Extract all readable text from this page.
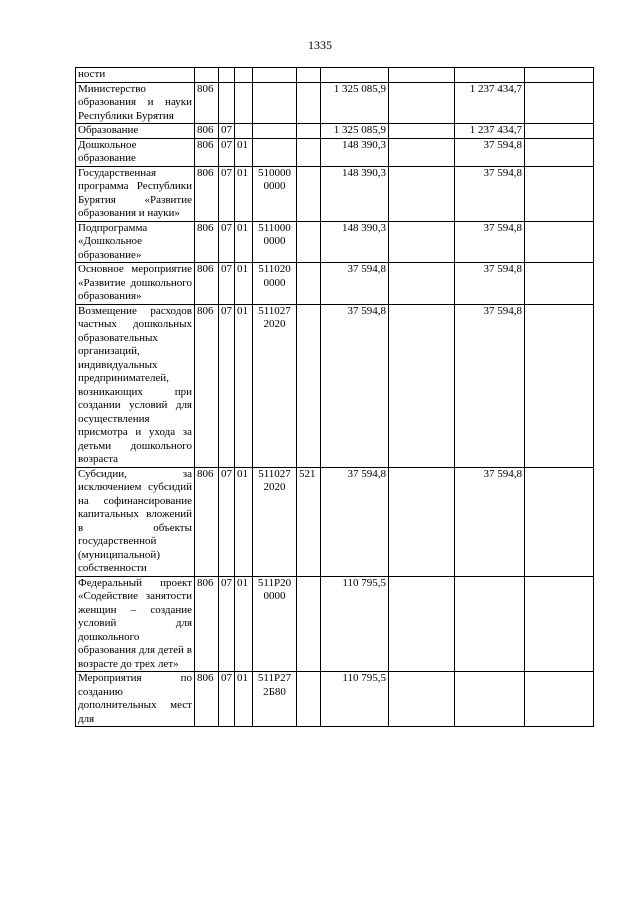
1335
ности									
Министерство образования и науки Республики Бурятия	806					1 325 085,9		1 237 434,7	
Образование	806	07				1 325 085,9		1 237 434,7	
Дошкольное образование	806	07	01			148 390,3		37 594,8	
Государственная программа Республики Бурятия «Развитие образования и науки»	806	07	01	510000 0000		148 390,3		37 594,8	
Подпрограмма «Дошкольное образование»	806	07	01	511000 0000		148 390,3		37 594,8	
Основное мероприятие «Развитие дошкольного образования»	806	07	01	511020 0000		37 594,8		37 594,8	
Возмещение расходов частных дошкольных образовательных организаций, индивидуальных предпринимателей, возникающих при создании условий для осуществления присмотра и ухода за детьми дошкольного возраста	806	07	01	511027 2020		37 594,8		37 594,8	
Субсидии, за исключением субсидий на софинансирование капитальных вложений в объекты государственной (муниципальной) собственности	806	07	01	511027 2020	521	37 594,8		37 594,8	
Федеральный проект «Содействие занятости женщин – создание условий для дошкольного образования для детей в возрасте до трех лет»	806	07	01	511Р20 0000		110 795,5			
Мероприятия по созданию дополнительных мест для	806	07	01	511Р27 2Б80		110 795,5			
